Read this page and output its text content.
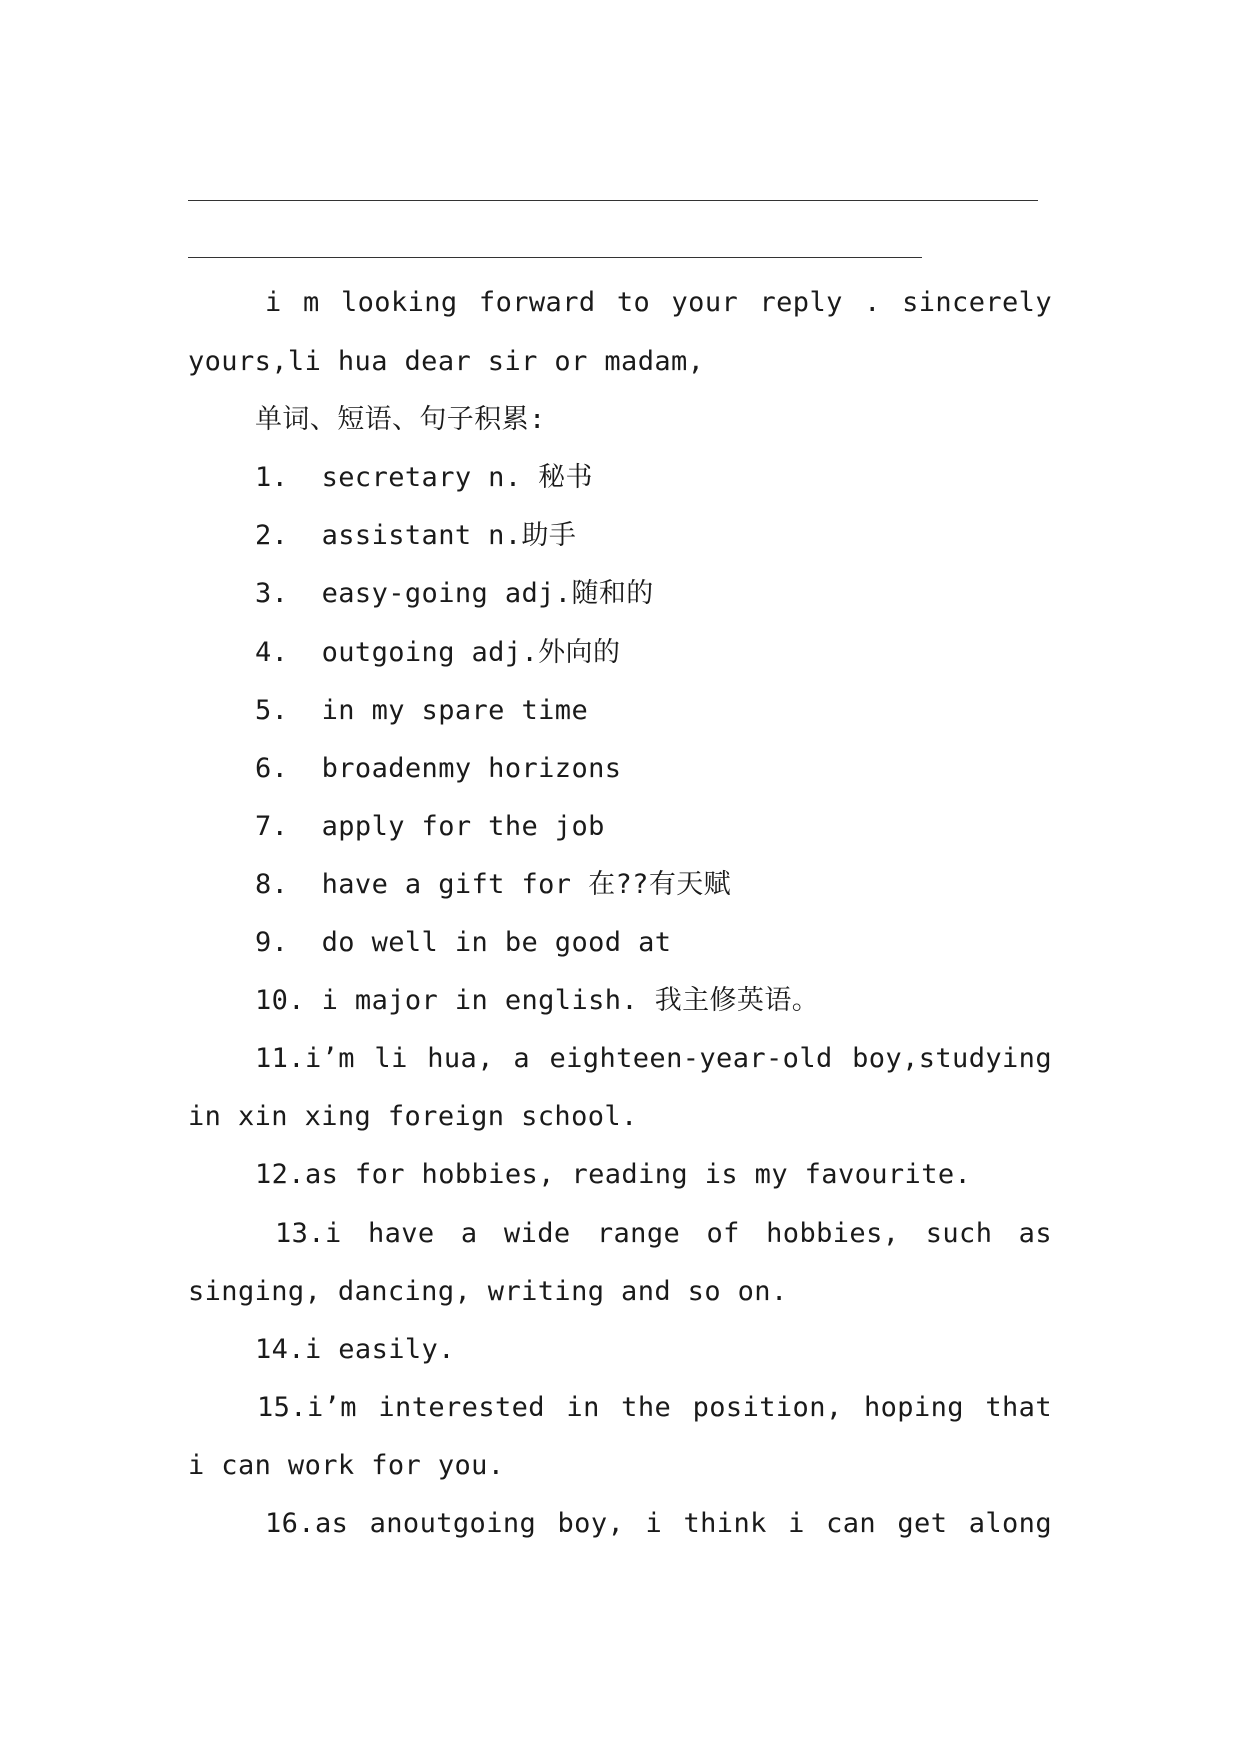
i m looking forward to your reply . sincerely
yours,li hua dear sir or madam,
单词、短语、句子积累:
1.  secretary n. 秘书
2.  assistant n.助手
3.  easy-going adj.随和的
4.  outgoing adj.外向的
5.  in my spare time
6.  broadenmy horizons
7.  apply for the job
8.  have a gift for 在??有天赋
9.  do well in be good at
10. i major in english. 我主修英语。
11.i’m li hua, a eighteen-year-old boy,studying
in xin xing foreign school.
12.as for hobbies, reading is my favourite.
13.i have a wide range of hobbies, such as
singing, dancing, writing and so on.
14.i easily.
15.i’m interested in the position, hoping that
i can work for you.
16.as anoutgoing boy, i think i can get along
